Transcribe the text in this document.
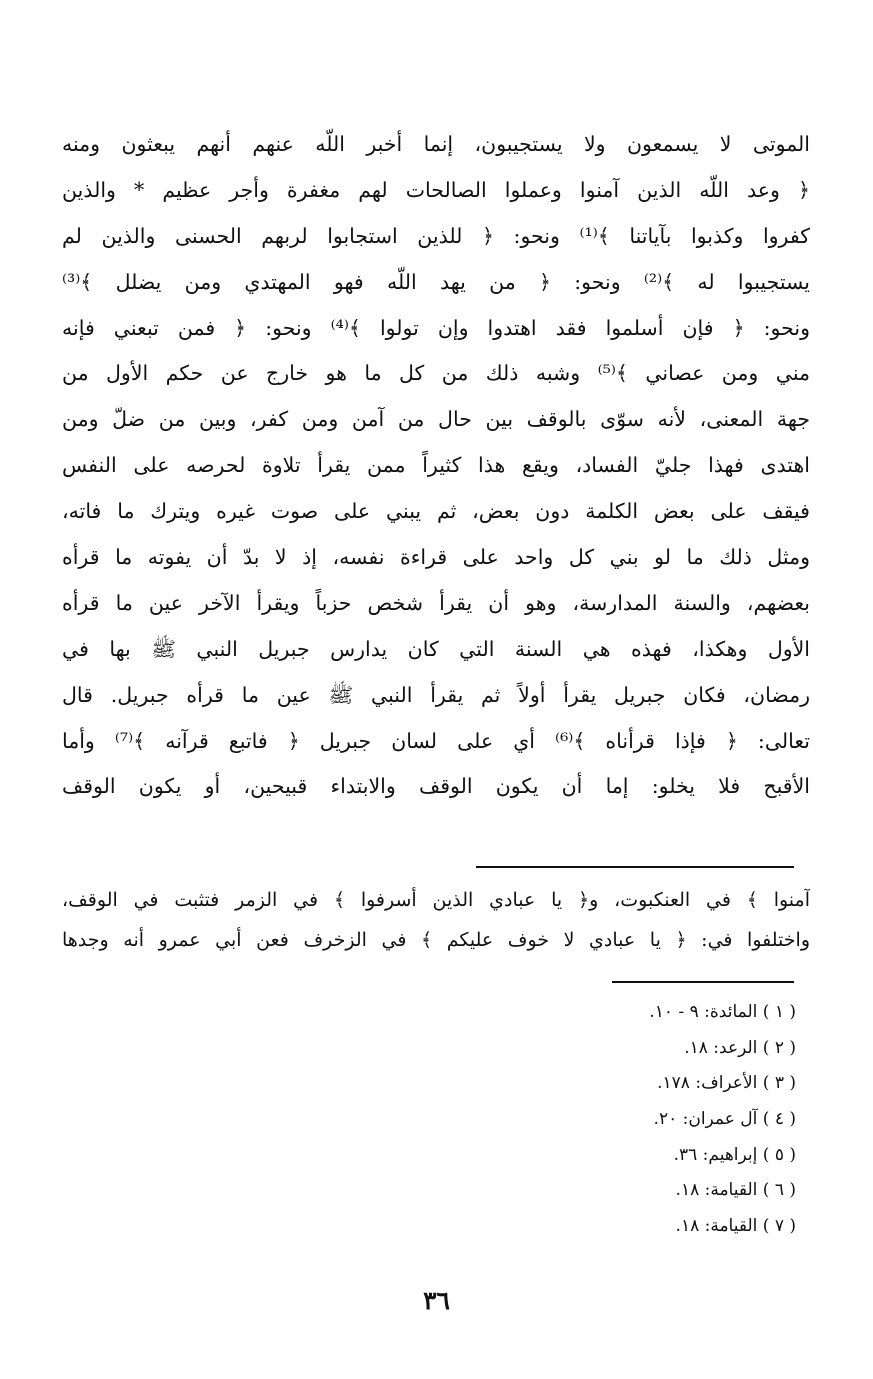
الموتى لا يسمعون ولا يستجيبون، إنما أخبر اللّه عنهم أنهم يبعثون ومنه
﴿ وعد اللّه الذين آمنوا وعملوا الصالحات لهم مغفرة وأجر عظيم * والذين
كفروا وكذبوا بآياتنا ﴾⁽¹⁾ ونحو: ﴿ للذين استجابوا لربهم الحسنى والذين لم
يستجيبوا له ﴾⁽²⁾ ونحو: ﴿ من يهد اللّه فهو المهتدي ومن يضلل ﴾⁽³⁾
ونحو: ﴿ فإن أسلموا فقد اهتدوا وإن تولوا ﴾⁽⁴⁾ ونحو: ﴿ فمن تبعني فإنه
مني ومن عصاني ﴾⁽⁵⁾ وشبه ذلك من كل ما هو خارج عن حكم الأول من
جهة المعنى، لأنه سوّى بالوقف بين حال من آمن ومن كفر، وبين من ضلّ ومن
اهتدى فهذا جليّ الفساد، ويقع هذا كثيراً ممن يقرأ تلاوة لحرصه على النفس
فيقف على بعض الكلمة دون بعض، ثم يبني على صوت غيره ويترك ما فاته،
ومثل ذلك ما لو بني كل واحد على قراءة نفسه، إذ لا بدّ أن يفوته ما قرأه
بعضهم، والسنة المدارسة، وهو أن يقرأ شخص حزباً ويقرأ الآخر عين ما قرأه
الأول وهكذا، فهذه هي السنة التي كان يدارس جبريل النبي ﷺ بها في
رمضان، فكان جبريل يقرأ أولاً ثم يقرأ النبي ﷺ عين ما قرأه جبريل. قال
تعالى: ﴿ فإذا قرأناه ﴾⁽⁶⁾ أي على لسان جبريل ﴿ فاتبع قرآنه ﴾⁽⁷⁾ وأما
الأقبح فلا يخلو: إما أن يكون الوقف والابتداء قبيحين، أو يكون الوقف
آمنوا ﴾ في العنكبوت، و﴿ يا عبادي الذين أسرفوا ﴾ في الزمر فتثبت في الوقف،
واختلفوا في: ﴿ يا عبادي لا خوف عليكم ﴾ في الزخرف فعن أبي عمرو أنه وجدها
( ١ ) المائدة: ٩ - ١٠.
( ٢ ) الرعد: ١٨.
( ٣ ) الأعراف: ١٧٨.
( ٤ ) آل عمران: ٢٠.
( ٥ ) إبراهيم: ٣٦.
( ٦ ) القيامة: ١٨.
( ٧ ) القيامة: ١٨.
٣٦
